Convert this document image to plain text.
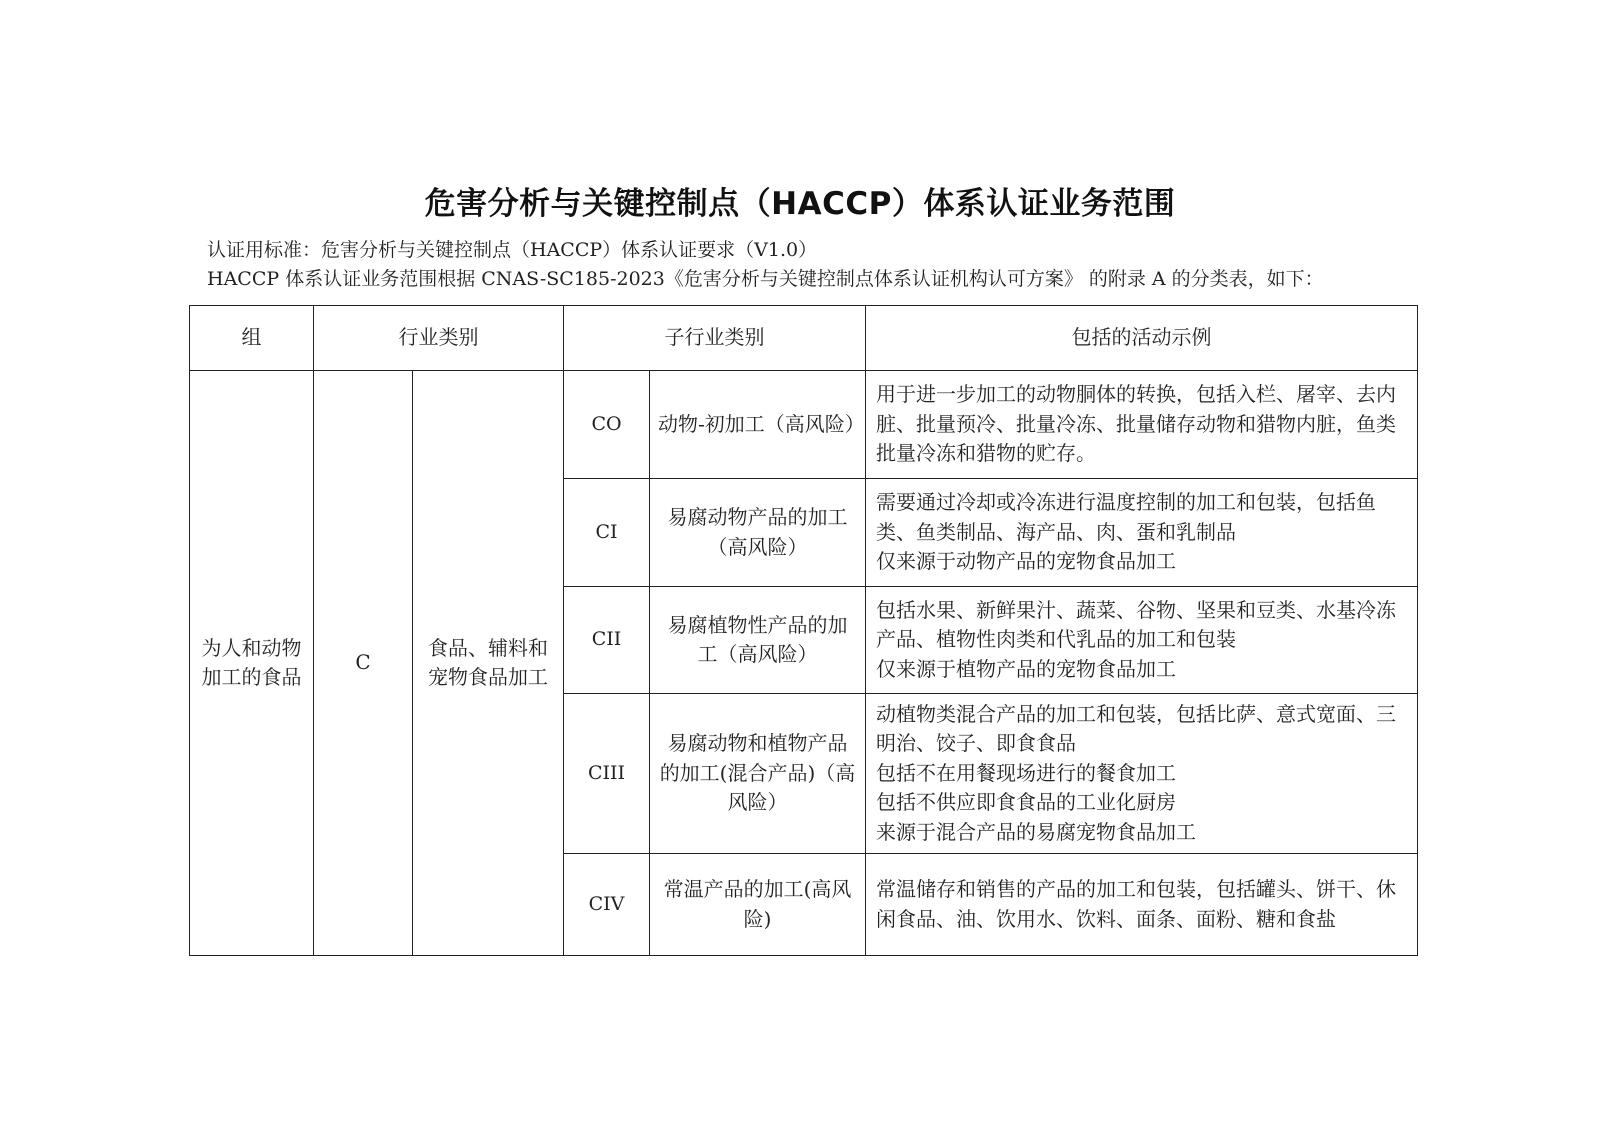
危害分析与关键控制点（HACCP）体系认证业务范围
认证用标准：危害分析与关键控制点（HACCP）体系认证要求（V1.0）
HACCP 体系认证业务范围根据 CNAS-SC185-2023《危害分析与关键控制点体系认证机构认可方案》 的附录 A 的分类表，如下：
组	行业类别		子行业类别		包括的活动示例
为人和动物加工的食品	C	食品、辅料和宠物食品加工	CO	动物-初加工（高风险）	用于进一步加工的动物胴体的转换，包括入栏、屠宰、去内脏、批量预冷、批量冷冻、批量储存动物和猎物内脏，鱼类批量冷冻和猎物的贮存。

			CI	易腐动物产品的加工（高风险）	需要通过冷却或冷冻进行温度控制的加工和包装，包括鱼类、鱼类制品、海产品、肉、蛋和乳制品
仅来源于动物产品的宠物食品加工

			CII	易腐植物性产品的加工（高风险）	包括水果、新鲜果汁、蔬菜、谷物、坚果和豆类、水基冷冻产品、植物性肉类和代乳品的加工和包装
仅来源于植物产品的宠物食品加工

			CIII	易腐动物和植物产品的加工(混合产品)（高风险）	动植物类混合产品的加工和包装，包括比萨、意式宽面、三明治、饺子、即食食品
包括不在用餐现场进行的餐食加工
包括不供应即食食品的工业化厨房
来源于混合产品的易腐宠物食品加工

			CIV	常温产品的加工(高风险)	常温储存和销售的产品的加工和包装，包括罐头、饼干、休闲食品、油、饮用水、饮料、面条、面粉、糖和食盐
